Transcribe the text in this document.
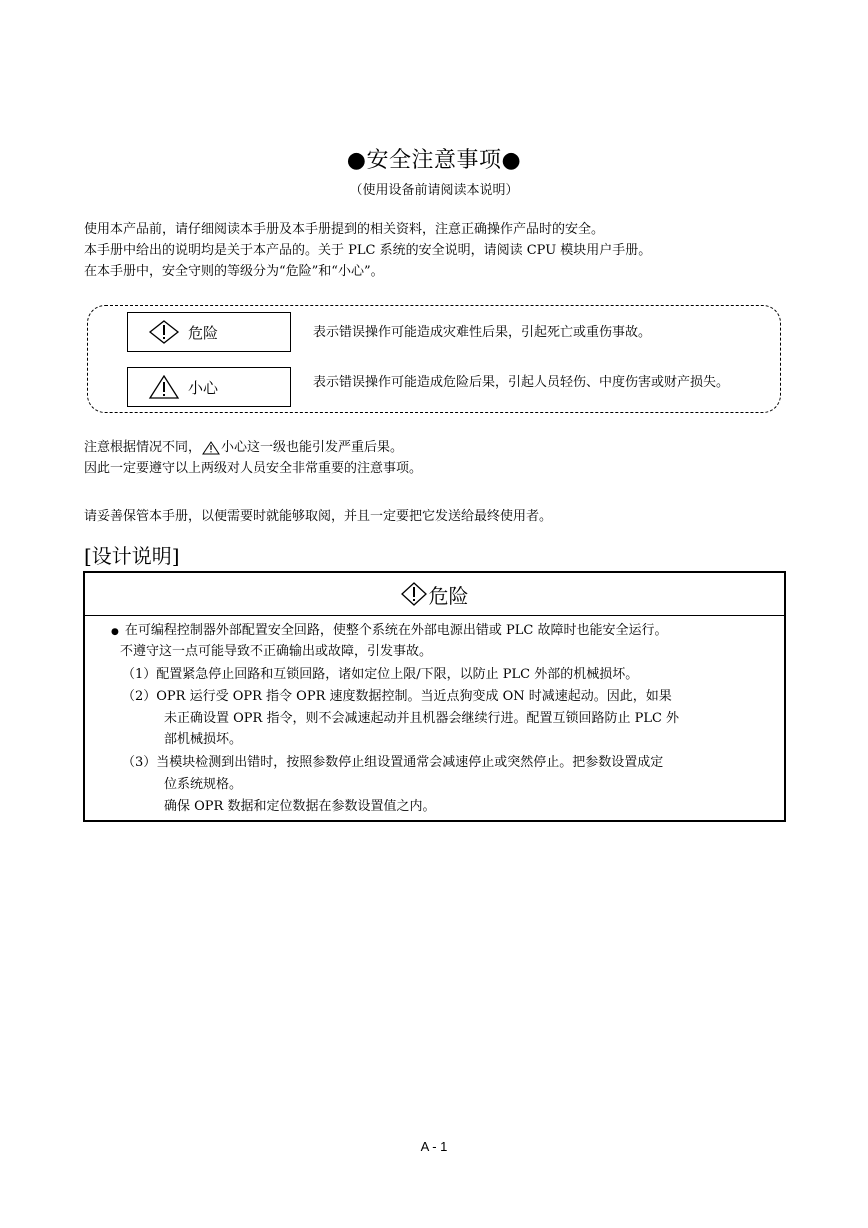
●安全注意事项●
（使用设备前请阅读本说明）
使用本产品前，请仔细阅读本手册及本手册提到的相关资料，注意正确操作产品时的安全。
本手册中给出的说明均是关于本产品的。关于 PLC 系统的安全说明，请阅读 CPU 模块用户手册。
在本手册中，安全守则的等级分为“危险”和“小心”。
危险	表示错误操作可能造成灾难性后果，引起死亡或重伤事故。
小心	表示错误操作可能造成危险后果，引起人员轻伤、中度伤害或财产损失。
注意根据情况不同， 小心这一级也能引发严重后果。
因此一定要遵守以上两级对人员安全非常重要的注意事项。
请妥善保管本手册，以便需要时就能够取阅，并且一定要把它发送给最终使用者。
[设计说明]
危险
● 在可编程控制器外部配置安全回路，使整个系统在外部电源出错或 PLC 故障时也能安全运行。
不遵守这一点可能导致不正确输出或故障，引发事故。
（1）配置紧急停止回路和互锁回路，诸如定位上限/下限，以防止 PLC 外部的机械损坏。
（2）OPR 运行受 OPR 指令 OPR 速度数据控制。当近点狗变成 ON 时减速起动。因此，如果
未正确设置 OPR 指令，则不会减速起动并且机器会继续行进。配置互锁回路防止 PLC 外
部机械损坏。
（3）当模块检测到出错时，按照参数停止组设置通常会减速停止或突然停止。把参数设置成定
位系统规格。
确保 OPR 数据和定位数据在参数设置值之内。
A - 1
